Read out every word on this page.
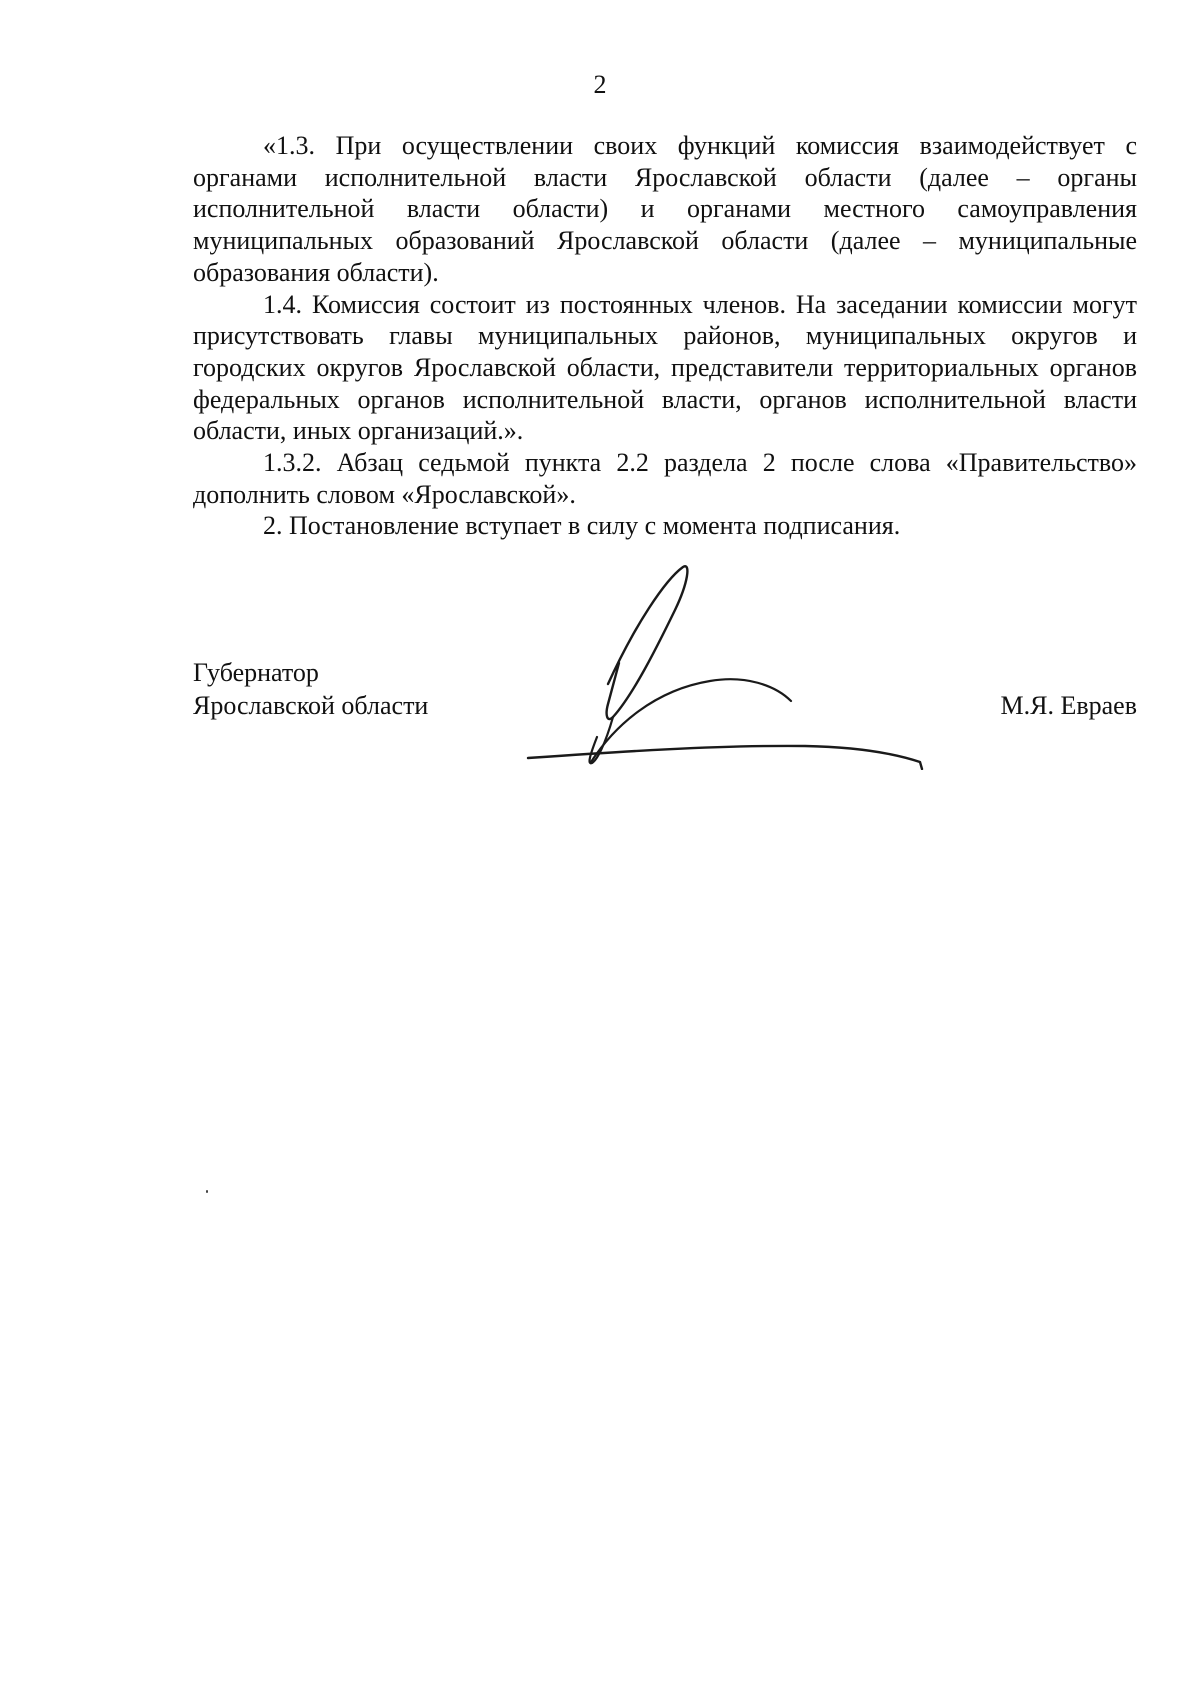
2

«1.3. При осуществлении своих функций комиссия взаимодействует с органами исполнительной власти Ярославской области (далее – органы исполнительной власти области) и органами местного самоуправления муниципальных образований Ярославской области (далее – муниципальные образования области).

1.4. Комиссия состоит из постоянных членов. На заседании комиссии могут присутствовать главы муниципальных районов, муниципальных округов и городских округов Ярославской области, представители территориальных органов федеральных органов исполнительной власти, органов исполнительной власти области, иных организаций.».

1.3.2. Абзац седьмой пункта 2.2 раздела 2 после слова «Правительство» дополнить словом «Ярославской».

2. Постановление вступает в силу с момента подписания.

Губернатор
Ярославской области	М.Я. Евраев
